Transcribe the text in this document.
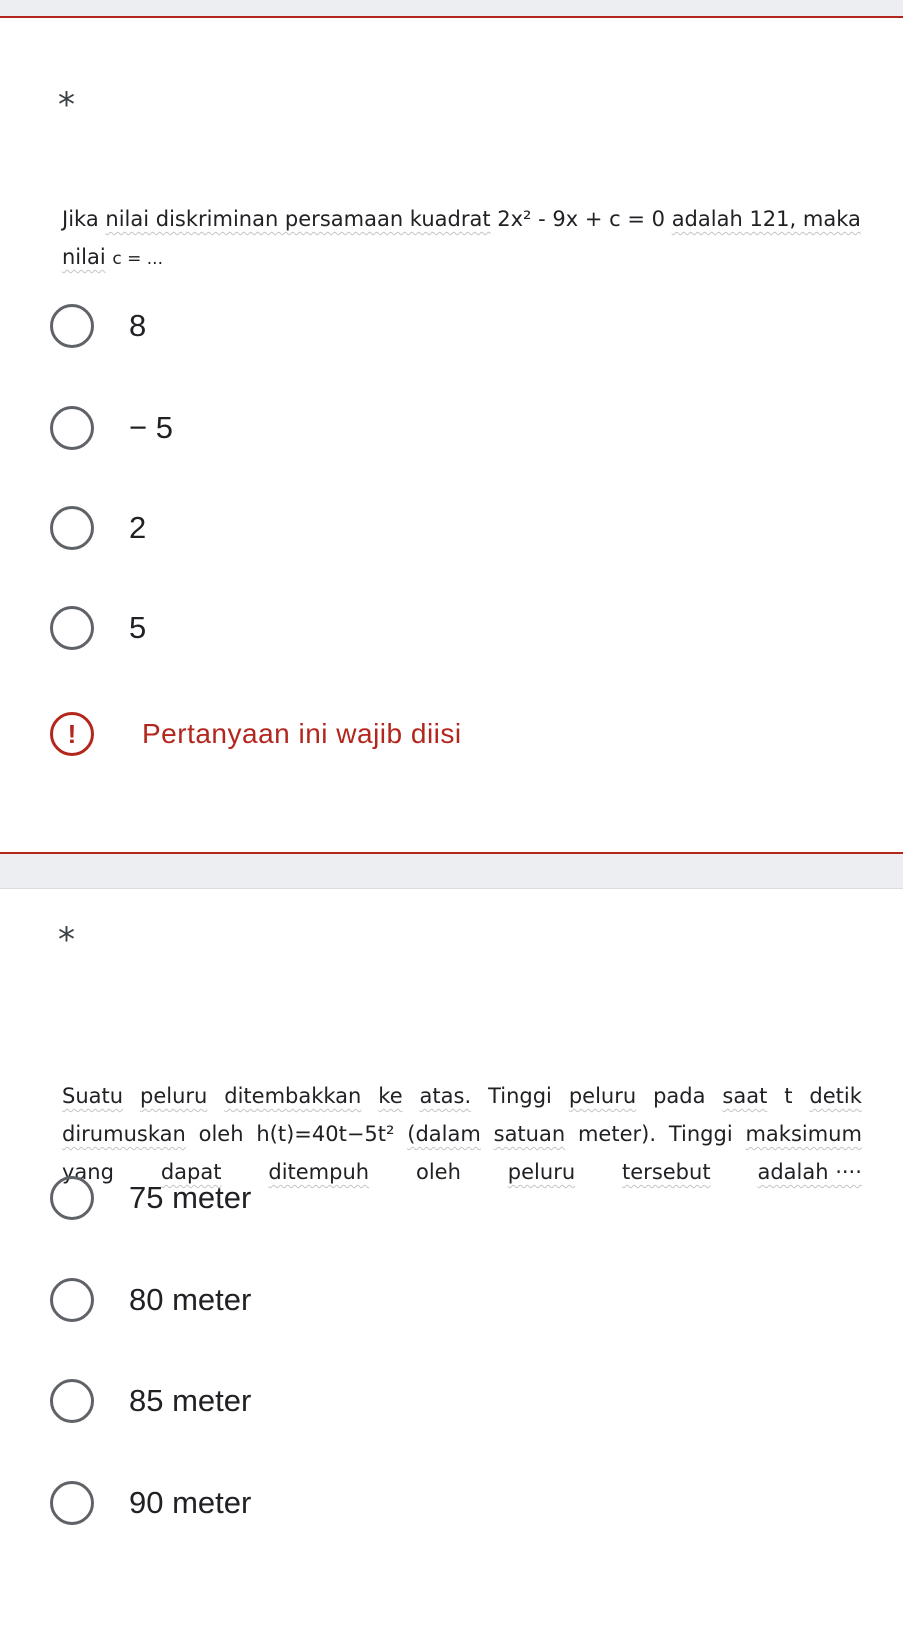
*
Jika nilai diskriminan persamaan kuadrat 2x² - 9x + c = 0 adalah 121, maka
nilai c = ...
8
− 5
2
5
!	Pertanyaan ini wajib diisi
*
Suatu peluru ditembakkan ke atas. Tinggi peluru pada saat t detik
dirumuskan oleh h(t)=40t−5t² (dalam satuan meter). Tinggi maksimum
yang dapat ditempuh oleh peluru tersebut adalah ····
75 meter
80 meter
85 meter
90 meter
